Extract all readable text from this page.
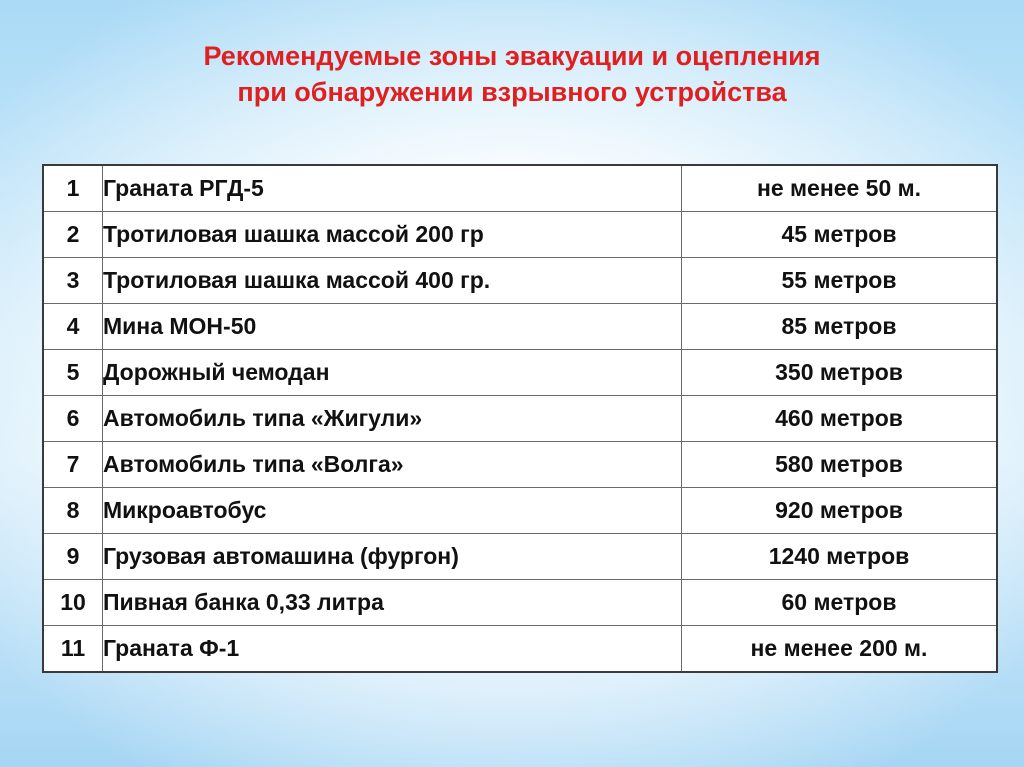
Рекомендуемые зоны эвакуации и оцепления
при обнаружении взрывного устройства
1	Граната РГД-5	не менее 50 м.
2	Тротиловая шашка массой 200 гр	45 метров
3	Тротиловая шашка массой 400 гр.	55 метров
4	Мина МОН-50	85 метров
5	Дорожный чемодан	350 метров
6	Автомобиль типа «Жигули»	460 метров
7	Автомобиль типа «Волга»	580 метров
8	Микроавтобус	920 метров
9	Грузовая автомашина (фургон)	1240 метров
10	Пивная банка 0,33 литра	60 метров
11	Граната Ф-1	не менее 200 м.
